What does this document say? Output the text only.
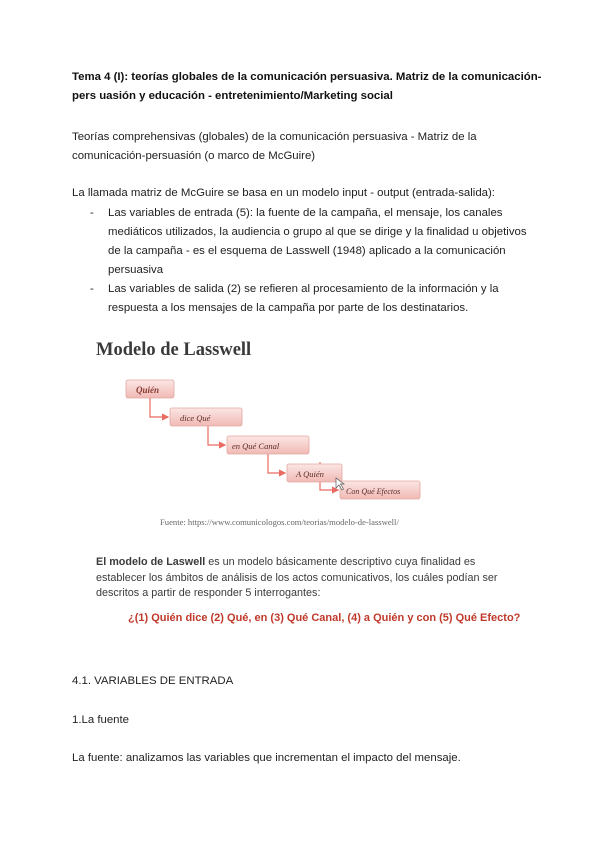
Tema 4 (I): teorías globales de la comunicación persuasiva. Matriz de la comunicación-pers uasión y educación - entretenimiento/Marketing social

Teorías comprehensivas (globales) de la comunicación persuasiva - Matriz de la comunicación-persuasión (o marco de McGuire)

La llamada matriz de McGuire se basa en un modelo input - output (entrada-salida):

- Las variables de entrada (5): la fuente de la campaña, el mensaje, los canales mediáticos utilizados, la audiencia o grupo al que se dirige y la finalidad u objetivos de la campaña - es el esquema de Lasswell (1948) aplicado a la comunicación persuasiva
- Las variables de salida (2) se refieren al procesamiento de la información y la respuesta a los mensajes de la campaña por parte de los destinatarios.

Modelo de Lasswell

Quién
dice Qué
en Qué Canal
A Quién
Con Qué Efectos

Fuente: https://www.comunicologos.com/teorias/modelo-de-lasswell/

El modelo de Laswell es un modelo básicamente descriptivo cuya finalidad es establecer los ámbitos de análisis de los actos comunicativos, los cuáles podían ser descritos a partir de responder 5 interrogantes:

¿(1) Quién dice (2) Qué, en (3) Qué Canal, (4) a Quién y con (5) Qué Efecto?

4.1. VARIABLES DE ENTRADA

1.La fuente

La fuente: analizamos las variables que incrementan el impacto del mensaje.
